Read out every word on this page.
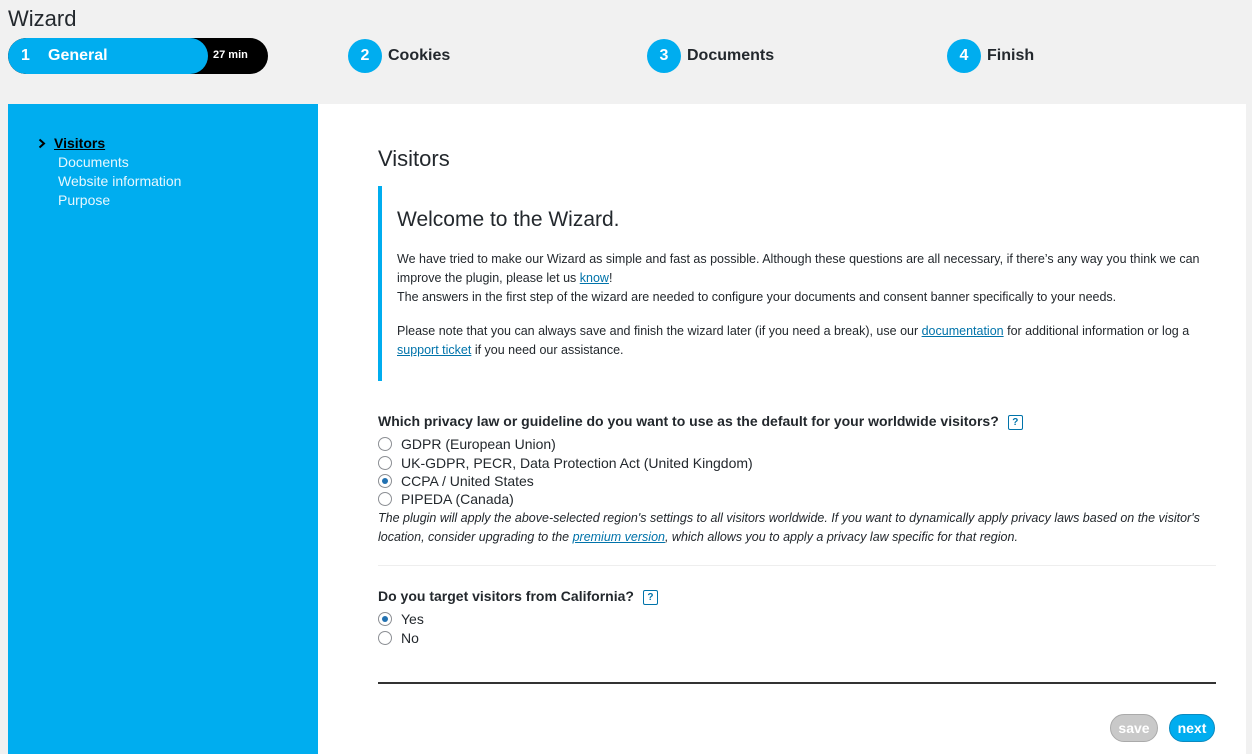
Wizard
1 General	27 min	2	Cookies	3	Documents	4	Finish
Visitors
Documents
Website information
Purpose
Visitors
Welcome to the Wizard.

We have tried to make our Wizard as simple and fast as possible. Although these questions are all necessary, if there’s any way you think we can improve the plugin, please let us know!
The answers in the first step of the wizard are needed to configure your documents and consent banner specifically to your needs.

Please note that you can always save and finish the wizard later (if you need a break), use our documentation for additional information or log a support ticket if you need our assistance.

Which privacy law or guideline do you want to use as the default for your worldwide visitors? ?
GDPR (European Union)
UK-GDPR, PECR, Data Protection Act (United Kingdom)
CCPA / United States
PIPEDA (Canada)
The plugin will apply the above-selected region's settings to all visitors worldwide. If you want to dynamically apply privacy laws based on the visitor's location, consider upgrading to the premium version, which allows you to apply a privacy law specific for that region.
Do you target visitors from California? ?
Yes
No
save	next
